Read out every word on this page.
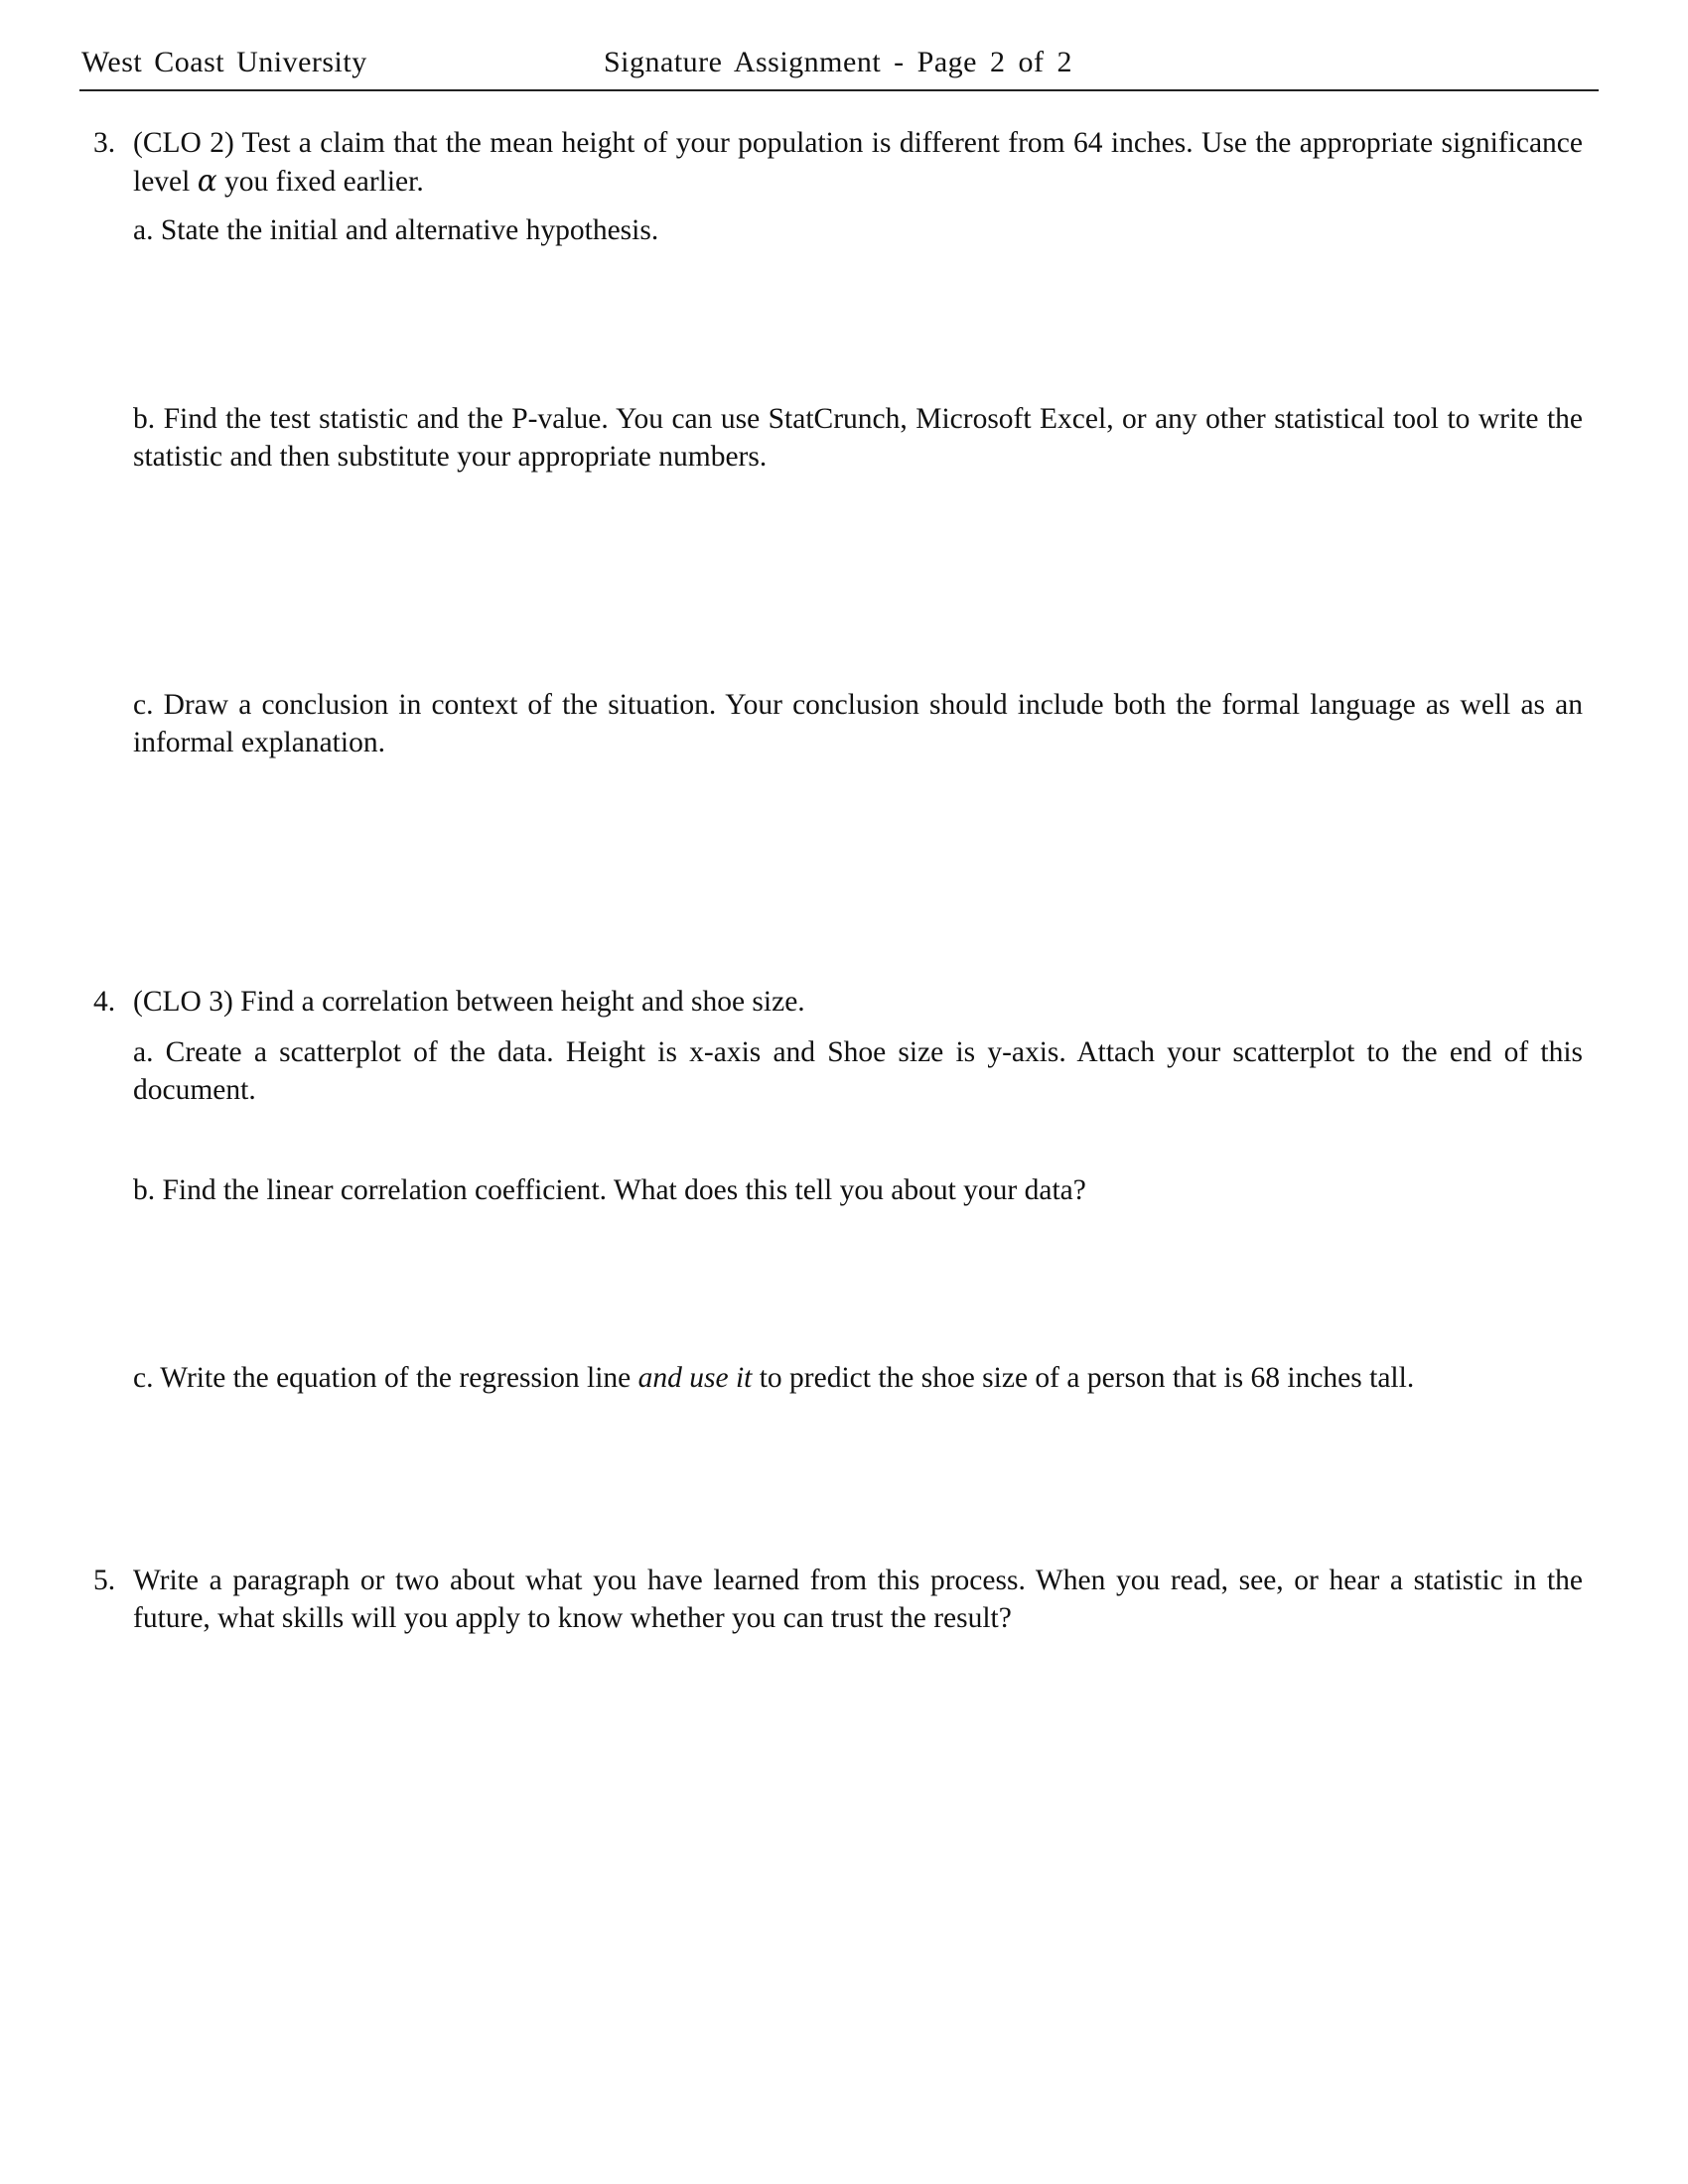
West Coast University	Signature Assignment - Page 2 of 2
3. (CLO 2) Test a claim that the mean height of your population is different from 64 inches. Use the appropriate significance level α you fixed earlier.
a. State the initial and alternative hypothesis.
b. Find the test statistic and the P-value. You can use StatCrunch, Microsoft Excel, or any other statistical tool to write the statistic and then substitute your appropriate numbers.
c. Draw a conclusion in context of the situation. Your conclusion should include both the formal language as well as an informal explanation.
4. (CLO 3) Find a correlation between height and shoe size.
a. Create a scatterplot of the data. Height is x-axis and Shoe size is y-axis. Attach your scatterplot to the end of this document.
b. Find the linear correlation coefficient. What does this tell you about your data?
c. Write the equation of the regression line and use it to predict the shoe size of a person that is 68 inches tall.
5. Write a paragraph or two about what you have learned from this process. When you read, see, or hear a statistic in the future, what skills will you apply to know whether you can trust the result?
